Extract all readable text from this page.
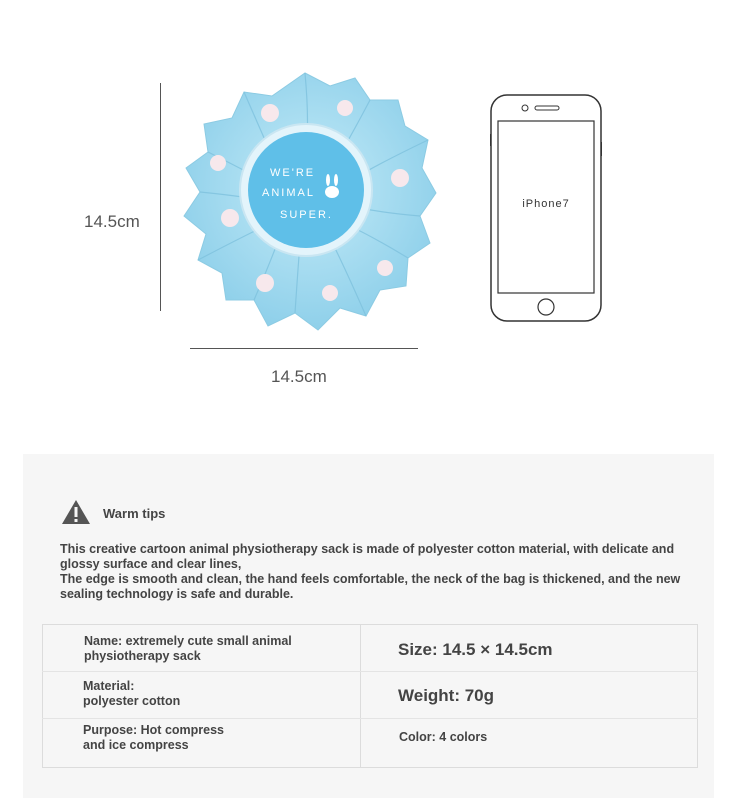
14.5cm
14.5cm
WE'RE
ANIMAL
SUPER.
iPhone7
Warm tips

This creative cartoon animal physiotherapy sack is made of polyester cotton material, with delicate and glossy surface and clear lines,

The edge is smooth and clean, the hand feels comfortable, the neck of the bag is thickened, and the new sealing technology is safe and durable.

Name: extremely cute small animal
physiotherapy sack
Material:
polyester cotton
Purpose: Hot compress
and ice compress
Size: 14.5 × 14.5cm
Weight: 70g
Color: 4 colors
